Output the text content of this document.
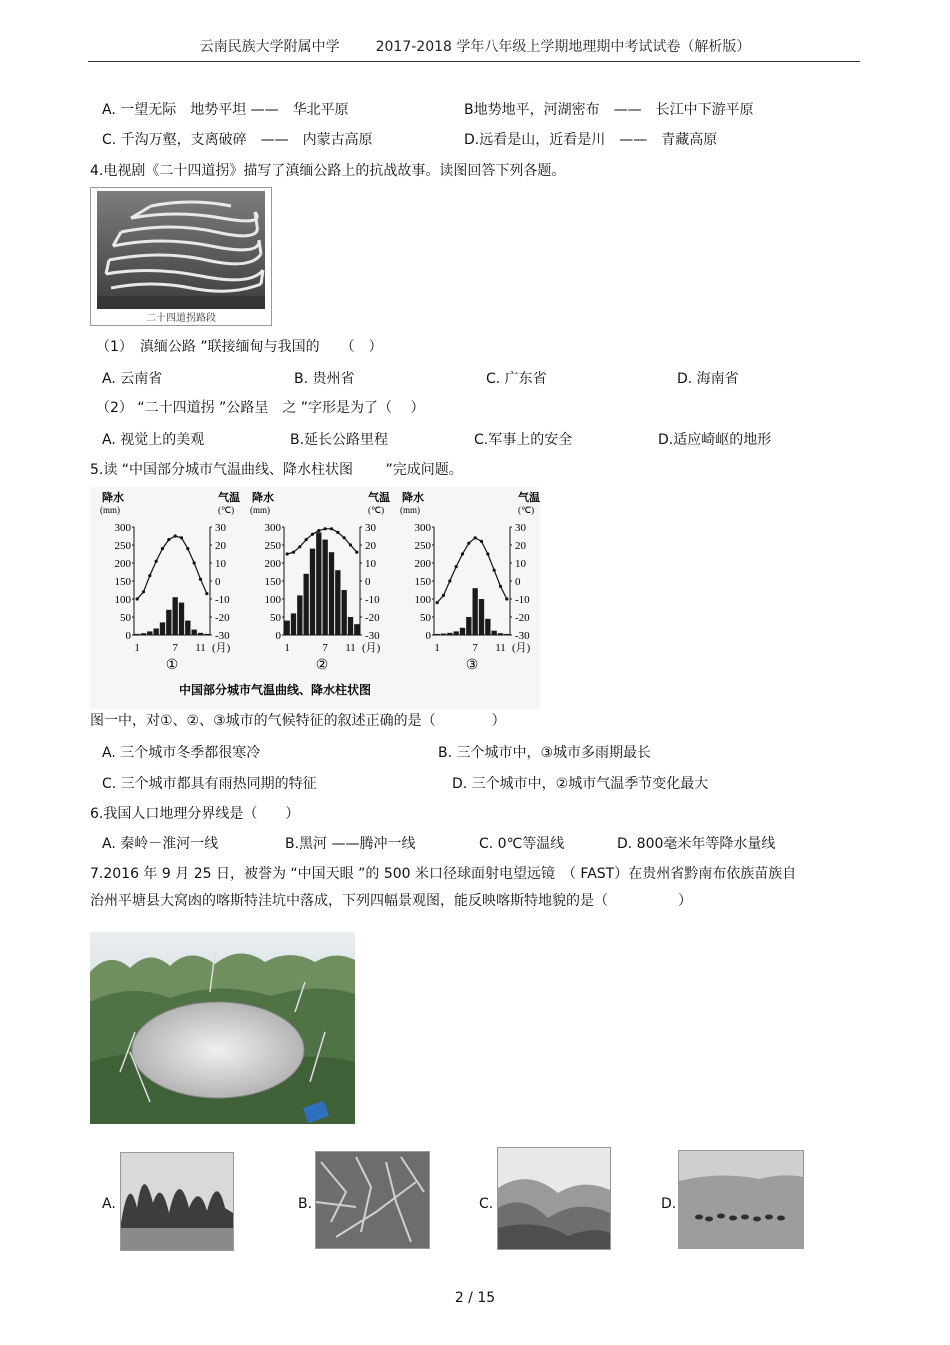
云南民族大学附属中学	2017-2018 学年八年级上学期地理期中考试试卷（解析版）
A. 一望无际　地势平坦 ——　华北平原	B地势地平，河湖密布　——　长江中下游平原
C. 千沟万壑，支离破碎　——　内蒙古高原	D.远看是山，近看是川　——　青藏高原
4.电视剧《二十四道拐》描写了滇缅公路上的抗战故事。读图回答下列各题。
二十四道拐路段
（1）　滇缅公路 ”联接缅甸与我国的　　（　）
A. 云南省	B. 贵州省	C. 广东省	D. 海南省
（2） “二十四道拐 ”公路呈　之 ”字形是为了（　 ）
A. 视觉上的美观	B.延长公路里程	C.军事上的安全	D.适应崎岖的地形
5.读 “中国部分城市气温曲线、降水柱状图　　 ”完成问题。
降水
(mm)
气温
(℃)
300
250
200
150
100
50
0
30
20
10
0
-10
-20
-30
1	7 11 (月)
①
降水
(mm)
气温
(℃)
300
250
200
150
100
50
0
30
20
10
0
-10
-20
-30
1	7 11 (月)
②
降水
(mm)
气温
(℃)
300
250
200
150
100
50
0
30
20
10
0
-10
-20
-30
1	7 11 (月)
③
中国部分城市气温曲线、降水柱状图
图一中，对①、②、③城市的气候特征的叙述正确的是（　　　　）
A. 三个城市冬季都很寒冷	B. 三个城市中，③城市多雨期最长
C. 三个城市都具有雨热同期的特征	D. 三个城市中，②城市气温季节变化最大
6.我国人口地理分界线是（　　）
A. 秦岭－淮河一线	B.黑河 ——腾冲一线	C. 0℃等温线	D. 800毫米年等降水量线
7.2016 年 9 月 25 日，被誉为 “中国天眼 ”的 500 米口径球面射电望远镜　（ FAST）在贵州省黔南布依族苗族自
治州平塘县大窝凼的喀斯特洼坑中落成，下列四幅景观图，能反映喀斯特地貌的是（　　　　　）
A.	B.	C.	D.
2 / 15
